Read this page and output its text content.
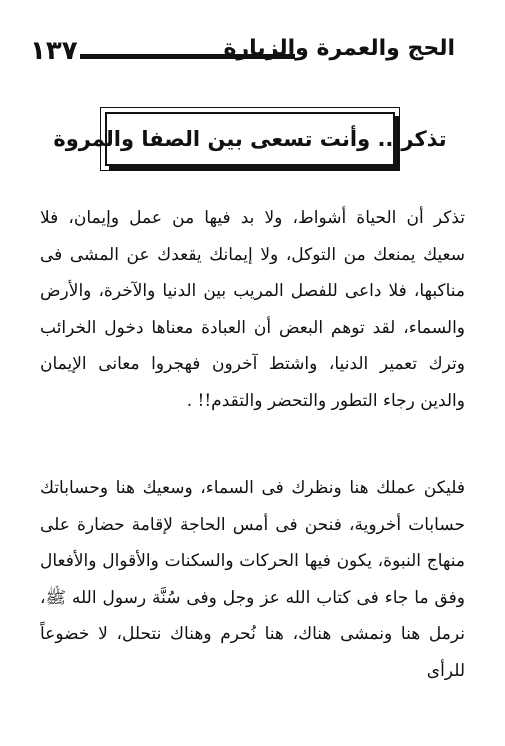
١٣٧	الحج والعمرة والزيارة
تذكر... وأنت تسعى بين الصفا والمروة
تذكر أن الحياة أشواط، ولا بد فيها من عمل وإيمان، فلا سعيك يمنعك من التوكل، ولا إيمانك يقعدك عن المشى فى مناكبها، فلا داعى للفصل المريب بين الدنيا والآخرة، والأرض والسماء، لقد توهم البعض أن العبادة معناها دخول الخرائب وترك تعمير الدنيا، واشتط آخرون فهجروا معانى الإيمان والدين رجاء التطور والتحضر والتقدم!! .
فليكن عملك هنا ونظرك فى السماء، وسعيك هنا وحساباتك حسابات أخروية، فنحن فى أمس الحاجة لإقامة حضارة على منهاج النبوة، يكون فيها الحركات والسكنات والأقوال والأفعال وفق ما جاء فى كتاب الله عز وجل وفى سُنَّة رسول الله ﷺ، نرمل هنا ونمشى هناك، هنا نُحرم وهناك نتحلل، لا خضوعاً للرأى
